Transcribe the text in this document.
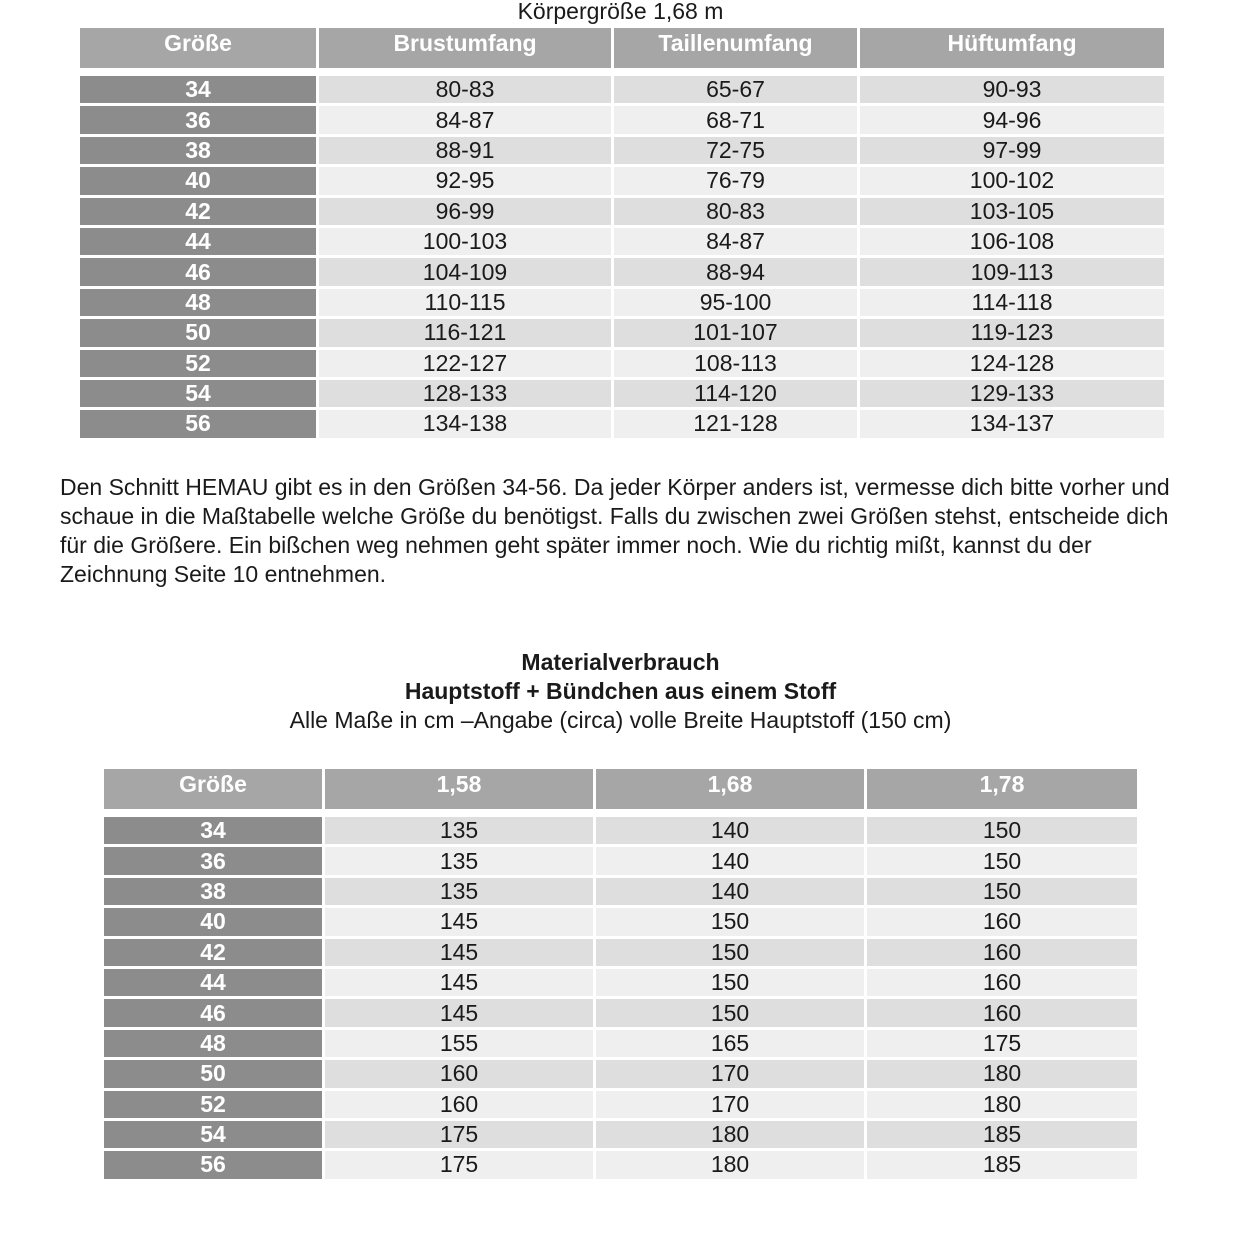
Körpergröße 1,68 m
Größe	Brustumfang	Taillenumfang	Hüftumfang
34	80-83	65-67	90-93
36	84-87	68-71	94-96
38	88-91	72-75	97-99
40	92-95	76-79	100-102
42	96-99	80-83	103-105
44	100-103	84-87	106-108
46	104-109	88-94	109-113
48	110-115	95-100	114-118
50	116-121	101-107	119-123
52	122-127	108-113	124-128
54	128-133	114-120	129-133
56	134-138	121-128	134-137

Den Schnitt HEMAU gibt es in den Größen 34-56. Da jeder Körper anders ist, vermesse dich bitte vorher und schaue in die Maßtabelle welche Größe du benötigst. Falls du zwischen zwei Größen stehst, entscheide dich für die Größere. Ein bißchen weg nehmen geht später immer noch. Wie du richtig mißt, kannst du der Zeichnung Seite 10 entnehmen.

Materialverbrauch
Hauptstoff + Bündchen aus einem Stoff
Alle Maße in cm –Angabe (circa) volle Breite Hauptstoff (150 cm)
Größe	1,58	1,68	1,78
34	135	140	150
36	135	140	150
38	135	140	150
40	145	150	160
42	145	150	160
44	145	150	160
46	145	150	160
48	155	165	175
50	160	170	180
52	160	170	180
54	175	180	185
56	175	180	185
